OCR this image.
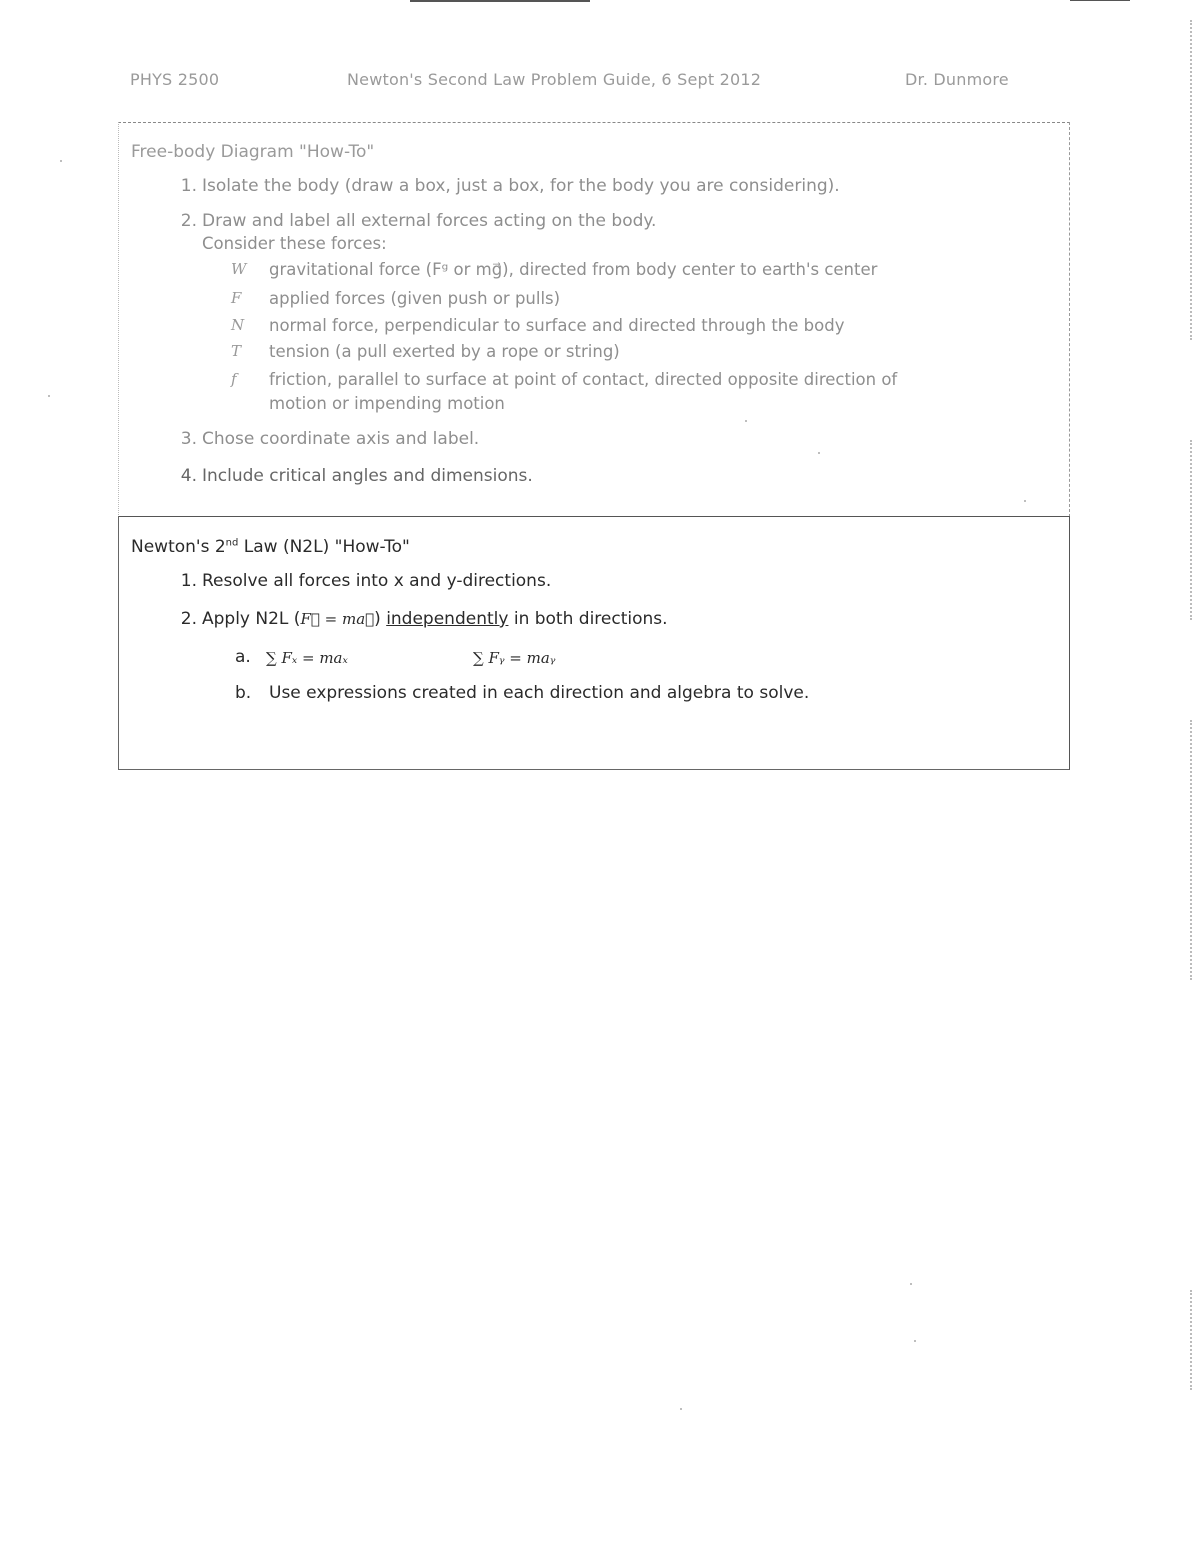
PHYS 2500	Newton's Second Law Problem Guide, 6 Sept 2012	Dr. Dunmore
Free-body Diagram "How-To"
1. Isolate the body (draw a box, just a box, for the body you are considering).
2. Draw and label all external forces acting on the body.
Consider these forces:
W gravitational force (Fᵍ or mg⃗), directed from body center to earth's center
F applied forces (given push or pulls)
N normal force, perpendicular to surface and directed through the body
T tension (a pull exerted by a rope or string)
f friction, parallel to surface at point of contact, directed opposite direction of
motion or impending motion
3. Chose coordinate axis and label.
4. Include critical angles and dimensions.
Newton's 2nd Law (N2L) "How-To"
1. Resolve all forces into x and y-directions.
2. Apply N2L (F⃗ = ma⃗) independently in both directions.
a. ∑ Fₓ = maₓ	∑ Fᵧ = maᵧ
b. Use expressions created in each direction and algebra to solve.
